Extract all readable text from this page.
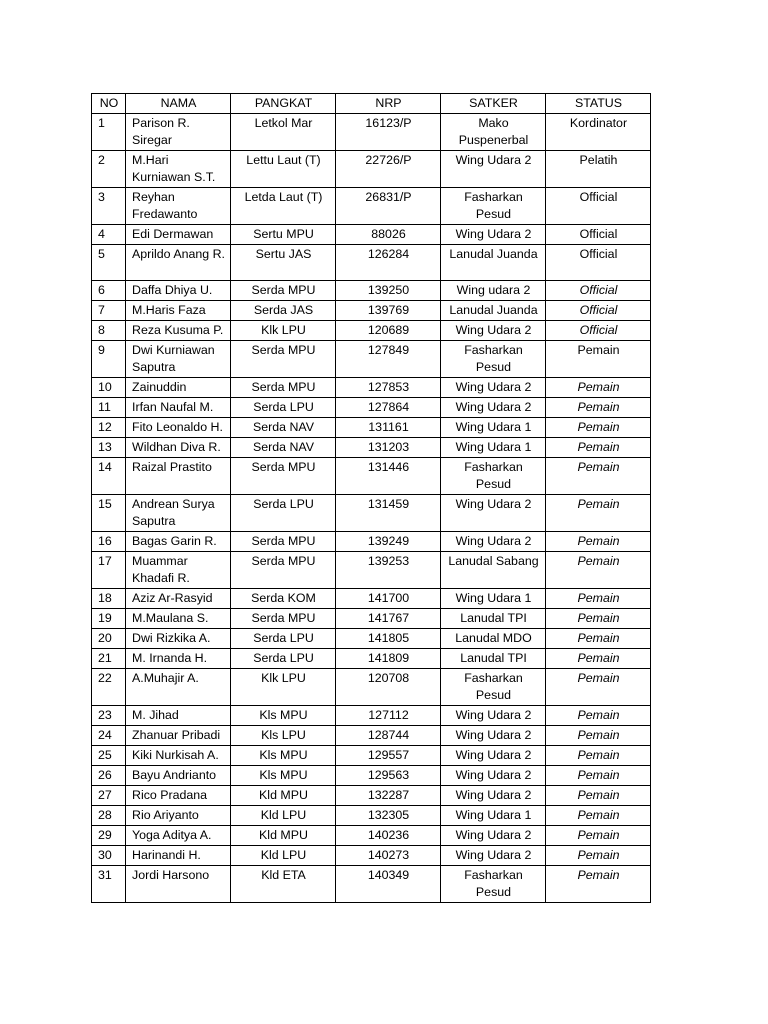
NO	NAMA	PANGKAT	NRP	SATKER	STATUS
1	Parison R. Siregar	Letkol Mar	16123/P	Mako Puspenerbal	Kordinator
2	M.Hari Kurniawan S.T.	Lettu Laut (T)	22726/P	Wing Udara 2	Pelatih
3	Reyhan Fredawanto	Letda Laut (T)	26831/P	Fasharkan Pesud	Official
4	Edi Dermawan	Sertu MPU	88026	Wing Udara 2	Official
5	Aprildo Anang R.	Sertu JAS	126284	Lanudal Juanda	Official
6	Daffa Dhiya U.	Serda MPU	139250	Wing udara 2	Official
7	M.Haris Faza	Serda JAS	139769	Lanudal Juanda	Official
8	Reza Kusuma P.	Klk LPU	120689	Wing Udara 2	Official
9	Dwi Kurniawan Saputra	Serda MPU	127849	Fasharkan Pesud	Pemain
10	Zainuddin	Serda MPU	127853	Wing Udara 2	Pemain
11	Irfan Naufal M.	Serda LPU	127864	Wing Udara 2	Pemain
12	Fito Leonaldo H.	Serda NAV	131161	Wing Udara 1	Pemain
13	Wildhan Diva R.	Serda NAV	131203	Wing Udara 1	Pemain
14	Raizal Prastito	Serda MPU	131446	Fasharkan Pesud	Pemain
15	Andrean Surya Saputra	Serda LPU	131459	Wing Udara 2	Pemain
16	Bagas Garin R.	Serda MPU	139249	Wing Udara 2	Pemain
17	Muammar Khadafi R.	Serda MPU	139253	Lanudal Sabang	Pemain
18	Aziz Ar-Rasyid	Serda KOM	141700	Wing Udara 1	Pemain
19	M.Maulana S.	Serda MPU	141767	Lanudal TPI	Pemain
20	Dwi Rizkika A.	Serda LPU	141805	Lanudal MDO	Pemain
21	M. Irnanda H.	Serda LPU	141809	Lanudal TPI	Pemain
22	A.Muhajir A.	Klk LPU	120708	Fasharkan Pesud	Pemain
23	M. Jihad	Kls MPU	127112	Wing Udara 2	Pemain
24	Zhanuar Pribadi	Kls LPU	128744	Wing Udara 2	Pemain
25	Kiki Nurkisah A.	Kls MPU	129557	Wing Udara 2	Pemain
26	Bayu Andrianto	Kls MPU	129563	Wing Udara 2	Pemain
27	Rico Pradana	Kld MPU	132287	Wing Udara 2	Pemain
28	Rio Ariyanto	Kld LPU	132305	Wing Udara 1	Pemain
29	Yoga Aditya A.	Kld MPU	140236	Wing Udara 2	Pemain
30	Harinandi H.	Kld LPU	140273	Wing Udara 2	Pemain
31	Jordi Harsono	Kld ETA	140349	Fasharkan Pesud	Pemain
